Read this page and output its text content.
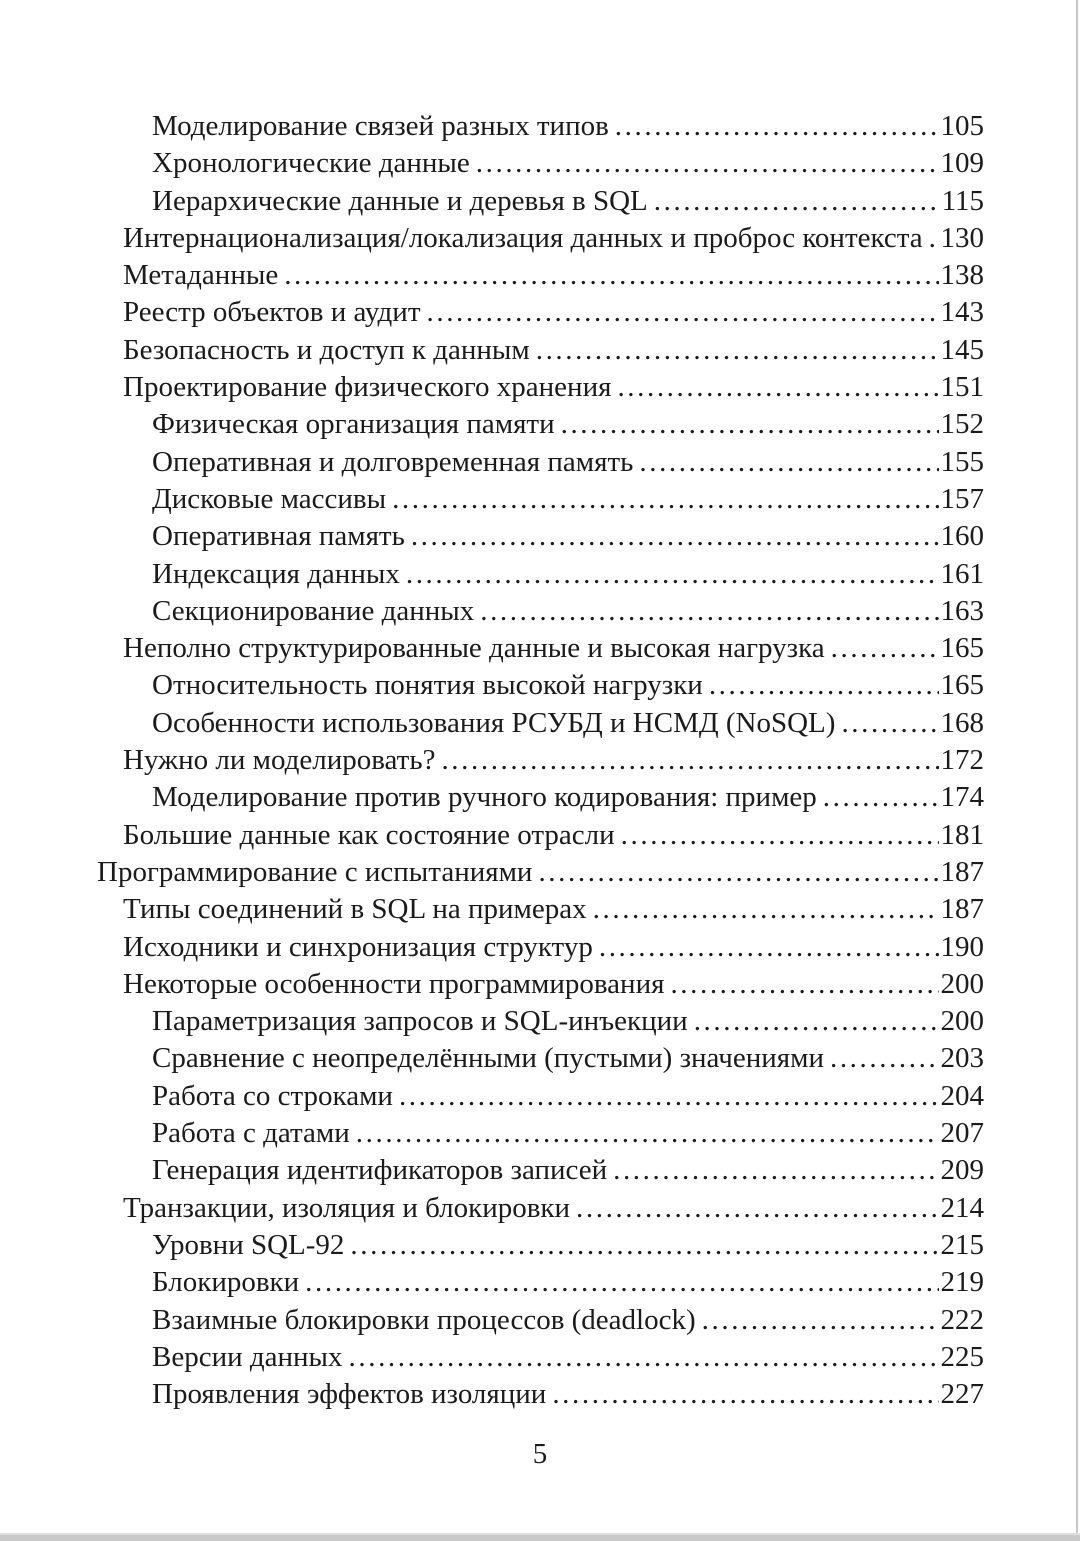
Моделирование связей разных типов .....	105
Хронологические данные .....	109
Иерархические данные и деревья в SQL .....	115
Интернационализация/локализация данных и проброс контекста ..... 130
Метаданные .....	138
Реестр объектов и аудит .....	143
Безопасность и доступ к данным .....	145
Проектирование физического хранения .....	151
Физическая организация памяти .....	152
Оперативная и долговременная память .....	155
Дисковые массивы .....	157
Оперативная память .....	160
Индексация данных .....	161
Секционирование данных .....	163
Неполно структурированные данные и высокая нагрузка .....	165
Относительность понятия высокой нагрузки .....	165
Особенности использования РСУБД и НСМД (NoSQL) .....	168
Нужно ли моделировать? .....	172
Моделирование против ручного кодирования: пример .....	174
Большие данные как состояние отрасли .....	181
Программирование с испытаниями .....	187
Типы соединений в SQL на примерах .....	187
Исходники и синхронизация структур .....	190
Некоторые особенности программирования .....	200
Параметризация запросов и SQL-инъекции .....	200
Сравнение с неопределёнными (пустыми) значениями .....	203
Работа со строками .....	204
Работа с датами .....	207
Генерация идентификаторов записей .....	209
Транзакции, изоляция и блокировки .....	214
Уровни SQL-92 .....	215
Блокировки .....	219
Взаимные блокировки процессов (deadlock) .....	222
Версии данных .....	225
Проявления эффектов изоляции .....	227
5
